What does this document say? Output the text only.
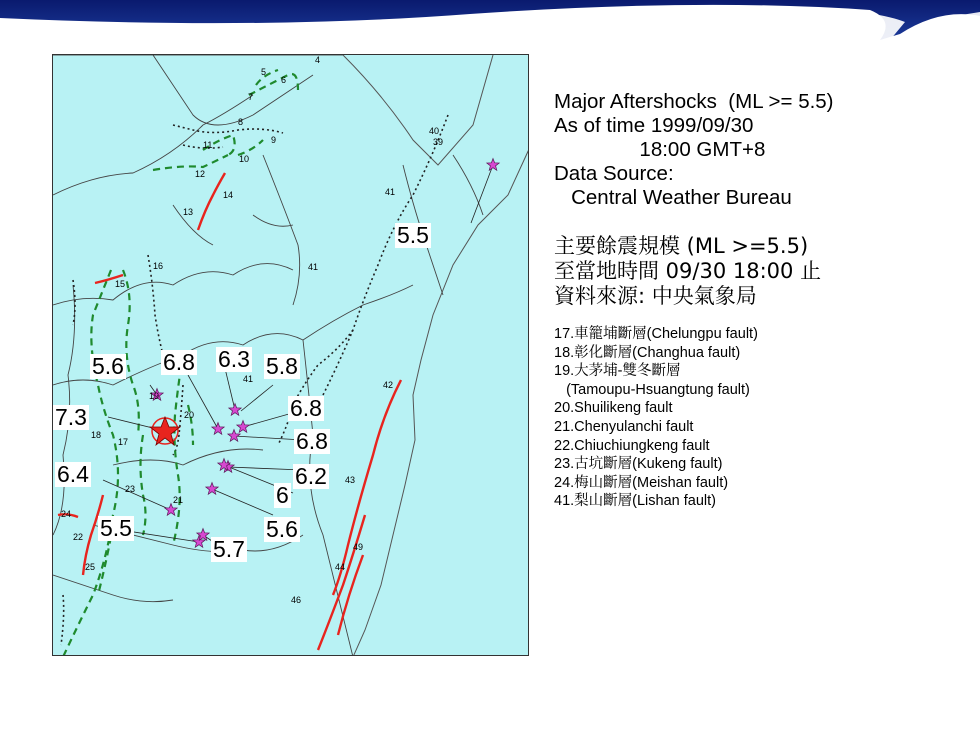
4
5
6
7
8
9
10
11
12
13
14
15
16
17
18
19
20
21
22
23
24
25
39
40
41
41
41
42
43
44
46
49
7.3
6.8 6.3 5.8
5.6
6.8
6.8
6.2
6
5.6
6.4
5.5
5.7
5.5

Major Aftershocks  (ML >= 5.5)

As of time 1999/09/30

18:00 GMT+8

Data Source:

Central Weather Bureau

主要餘震規模 (ML >=5.5)

至當地時間 09/30 18:00 止

資料來源: 中央氣象局

17.車籠埔斷層(Chelungpu fault)

18.彰化斷層(Changhua fault)

19.大茅埔-雙冬斷層

(Tamoupu-Hsuangtung fault)

20.Shuilikeng fault

21.Chenyulanchi fault

22.Chiuchiungkeng fault

23.古坑斷層(Kukeng fault)

24.梅山斷層(Meishan fault)

41.梨山斷層(Lishan fault)
